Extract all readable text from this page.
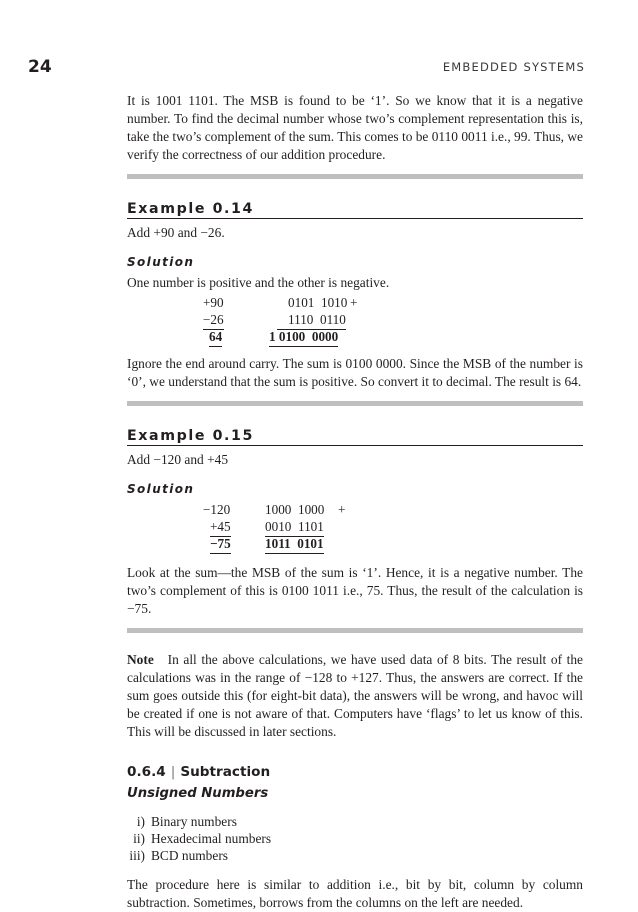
24	EMBEDDED SYSTEMS

It is 1001 1101. The MSB is found to be ‘1’. So we know that it is a negative number. To find the decimal number whose two’s complement representation this is, take the two’s complement of the sum. This comes to be 0110 0011 i.e., 99. Thus, we verify the correctness of our addition procedure.

Example 0.14
Add +90 and −26.
Solution

One number is positive and the other is negative.

+90	0101  1010 +
−26	1110  0110
64	1 0100  0000

Ignore the end around carry. The sum is 0100 0000. Since the MSB of the number is ‘0’, we understand that the sum is positive. So convert it to decimal. The result is 64.

Example 0.15
Add −120 and +45
Solution
−120	1000  1000 +
+45	0010  1101
−75	1011  0101

Look at the sum—the MSB of the sum is ‘1’. Hence, it is a negative number. The two’s complement of this is 0100 1011 i.e., 75. Thus, the result of the calculation is −75.

Note In all the above calculations, we have used data of 8 bits. The result of the calculations was in the range of −128 to +127. Thus, the answers are correct. If the sum goes outside this (for eight-bit data), the answers will be wrong, and havoc will be created if one is not aware of that. Computers have ‘flags’ to let us know of this. This will be discussed in later sections.

0.6.4 | Subtraction
Unsigned Numbers
i) Binary numbers
ii) Hexadecimal numbers
iii) BCD numbers

The procedure here is similar to addition i.e., bit by bit, column by column subtraction. Sometimes, borrows from the columns on the left are needed.
